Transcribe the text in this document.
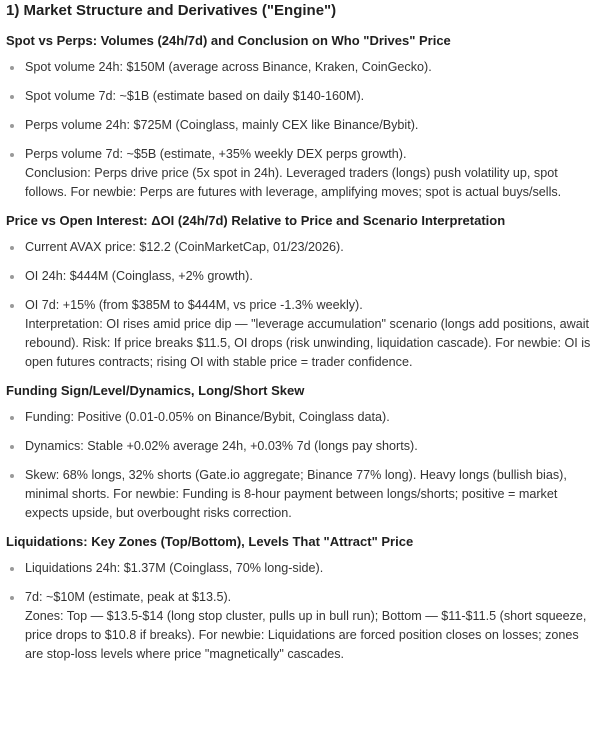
1) Market Structure and Derivatives ("Engine")
Spot vs Perps: Volumes (24h/7d) and Conclusion on Who "Drives" Price
Spot volume 24h: $150M (average across Binance, Kraken, CoinGecko).
Spot volume 7d: ~$1B (estimate based on daily $140-160M).
Perps volume 24h: $725M (Coinglass, mainly CEX like Binance/Bybit).
Perps volume 7d: ~$5B (estimate, +35% weekly DEX perps growth).
Conclusion: Perps drive price (5x spot in 24h). Leveraged traders (longs) push volatility up, spot follows. For newbie: Perps are futures with leverage, amplifying moves; spot is actual buys/sells.
Price vs Open Interest: ΔOI (24h/7d) Relative to Price and Scenario Interpretation
Current AVAX price: $12.2 (CoinMarketCap, 01/23/2026).
OI 24h: $444M (Coinglass, +2% growth).
OI 7d: +15% (from $385M to $444M, vs price -1.3% weekly).
Interpretation: OI rises amid price dip — "leverage accumulation" scenario (longs add positions, await rebound). Risk: If price breaks $11.5, OI drops (risk unwinding, liquidation cascade). For newbie: OI is open futures contracts; rising OI with stable price = trader confidence.
Funding Sign/Level/Dynamics, Long/Short Skew
Funding: Positive (0.01-0.05% on Binance/Bybit, Coinglass data).
Dynamics: Stable +0.02% average 24h, +0.03% 7d (longs pay shorts).
Skew: 68% longs, 32% shorts (Gate.io aggregate; Binance 77% long). Heavy longs (bullish bias), minimal shorts. For newbie: Funding is 8-hour payment between longs/shorts; positive = market expects upside, but overbought risks correction.
Liquidations: Key Zones (Top/Bottom), Levels That "Attract" Price
Liquidations 24h: $1.37M (Coinglass, 70% long-side).
7d: ~$10M (estimate, peak at $13.5).
Zones: Top — $13.5-$14 (long stop cluster, pulls up in bull run); Bottom — $11-$11.5 (short squeeze, price drops to $10.8 if breaks). For newbie: Liquidations are forced position closes on losses; zones are stop-loss levels where price "magnetically" cascades.
